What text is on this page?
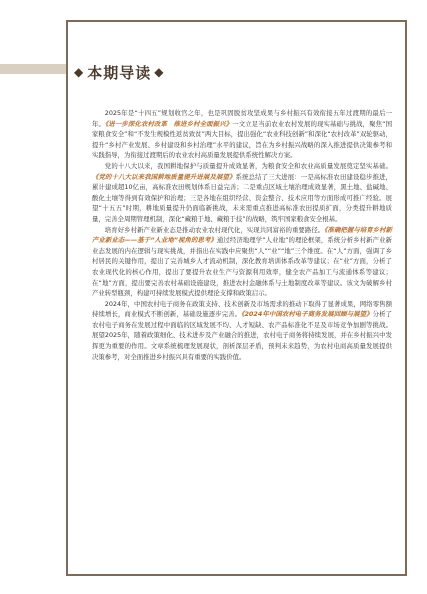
◆ 本期导读 ◆

2025年是“十四五”规划收官之年，也是巩固脱贫攻坚成果与乡村振兴有效衔接五年过渡期的最后一年。《进一步深化农村改革　推进乡村全面振兴》一文立足当前农业农村发展的现实基础与挑战，聚焦“国家粮食安全”和“不发生规模性返贫致贫”两大目标，提出强化“农业科技创新”和深化“农村改革”双轮驱动，提升“乡村产业发展、乡村建设和乡村治理”水平的建议，旨在为乡村振兴战略的深入推进提供决策参考和实践指导，为衔接过渡期后的农业农村高质量发展提供系统性解决方案。

党的十八大以来，我国耕地保护与质量提升成效显著，为粮食安全和农业高质量发展奠定坚实基础。《党的十八大以来我国耕地质量提升进展及展望》系统总结了三大进展：一是高标准农田建设稳步推进，累计建成超10亿亩，高标准农田规划体系日益完善；二是重点区域土壤治理成效显著，黑土地、盐碱地、酸化土壤等得到有效保护和治理；三是各地在组织经营、资金整合、技术应用等方面形成可推广经验。展望“十五五”时期，耕地质量提升仍面临新挑战，未来需重点推进高标准农田提质扩面，分类提升耕地质量，完善全周期管理机制，深化“藏粮于地、藏粮于技”的战略，筑牢国家粮食安全根基。

培育好乡村新产业新业态是推动农业农村现代化，实现共同富裕的重要路径。《准确把握与培育乡村新产业新业态——基于“人业地”视角的思考》通过经济地理学“人业地”的理论框架，系统分析乡村新产业新业态发展的内在逻辑与现实挑战，并指出在实践中应聚焦“人”“业”“地”三个维度。在“人”方面，强调了乡村居民的关键作用，提出了完善城乡人才流动机制，深化教育培训体系改革等建议；在“业”方面，分析了农业现代化的核心作用，提出了要提升农业生产与资源利用效率，健全农产品加工与流通体系等建议；在“地”方面，提出要完善农村基础设施建设，推进农村金融体系与土地制度改革等建议。该文为破解乡村产业转型瓶颈，构建可持续发展模式提供理论支撑和政策启示。

2024年，中国农村电子商务在政策支持、技术创新及市场需求的推动下取得了显著成果，网络零售额持续增长，商业模式不断创新，基础设施逐步完善。《2024年中国农村电子商务发展回顾与展望》分析了农村电子商务在发展过程中面临的区域发展不均、人才短缺、农产品标准化不足及市场竞争加剧等挑战。展望2025年，随着政策细化、技术进步及产业融合的推进，农村电子商务将持续发展，并在乡村振兴中发挥更为重要的作用。文章系统梳理发展现状，剖析深层矛盾，预判未来趋势，为农村电商高质量发展提供决策参考，对全面推进乡村振兴具有重要的实践价值。
